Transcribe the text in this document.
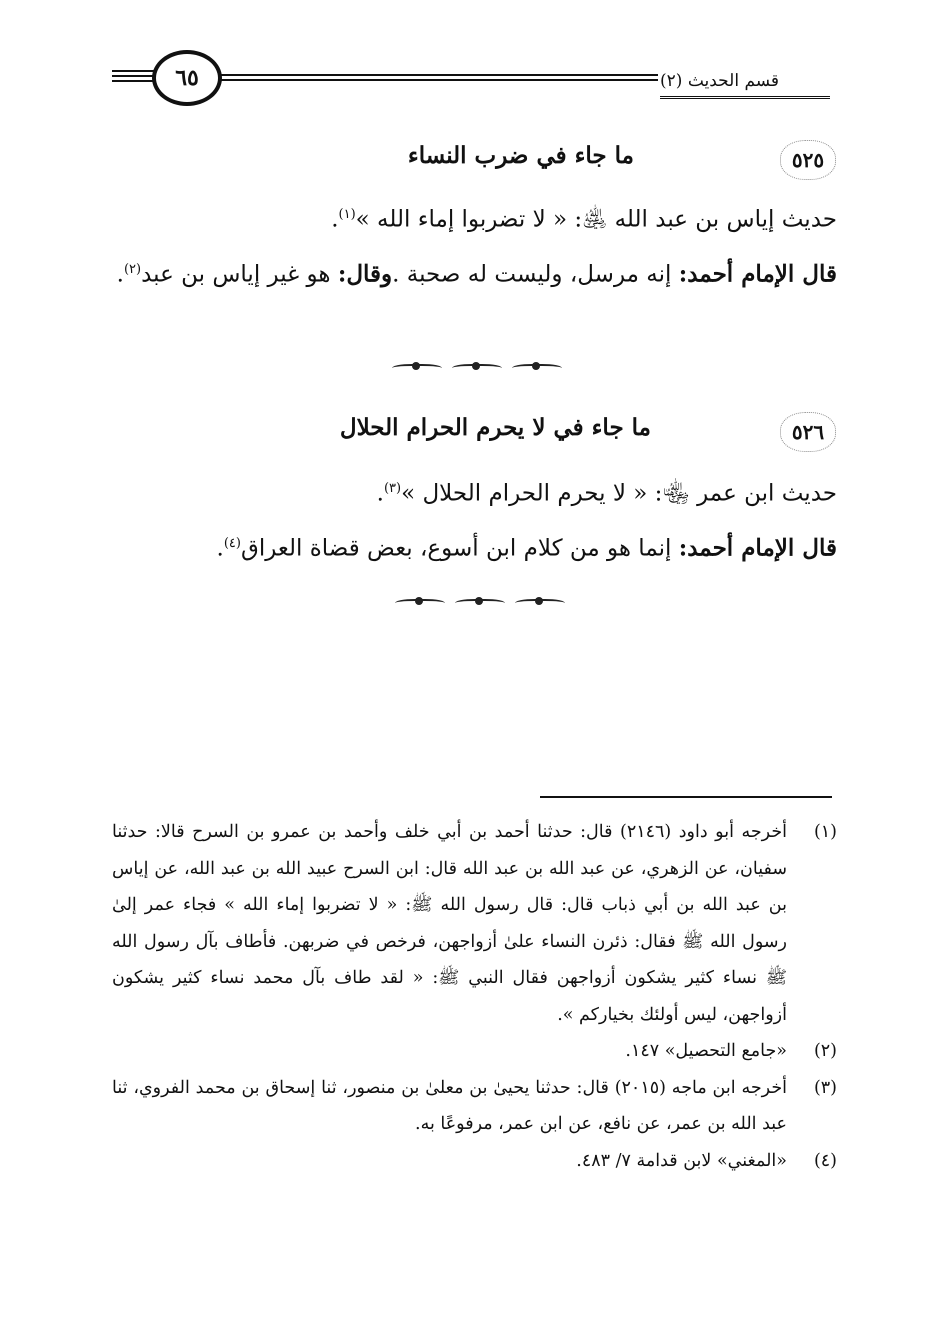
٦٥	قسم الحديث (٢)
٥٢٥
ما جاء في ضرب النساء
حديث إياس بن عبد الله ﵁: « لا تضربوا إماء الله »$^{(١)}$.
قال الإمام أحمد: إنه مرسل، وليست له صحبة .وقال: هو غير إياس بن عبد$^{(٢)}$.
٥٢٦
ما جاء في لا يحرم الحرام الحلال
حديث ابن عمر ﵄: « لا يحرم الحرام الحلال »$^{(٣)}$.
قال الإمام أحمد: إنما هو من كلام ابن أسوع، بعض قضاة العراق$^{(٤)}$.
(١)
أخرجه أبو داود (٢١٤٦) قال: حدثنا أحمد بن أبي خلف وأحمد بن عمرو بن السرح قالا: حدثنا سفيان، عن الزهري، عن عبد الله بن عبد الله قال: ابن السرح عبيد الله بن عبد الله، عن إياس بن عبد الله بن أبي ذباب قال: قال رسول الله ﷺ: « لا تضربوا إماء الله » فجاء عمر إلىٰ رسول الله ﷺ فقال: ذئرن النساء علىٰ أزواجهن، فرخص في ضربهن. فأطاف بآل رسول الله ﷺ نساء كثير يشكون أزواجهن فقال النبي ﷺ: « لقد طاف بآل محمد نساء كثير يشكون أزواجهن، ليس أولئك بخياركم ».
(٢)
«جامع التحصيل» ١٤٧.
(٣)
أخرجه ابن ماجه (٢٠١٥) قال: حدثنا يحيىٰ بن معلىٰ بن منصور، ثنا إسحاق بن محمد الفروي، ثنا عبد الله بن عمر، عن نافع، عن ابن عمر، مرفوعًا به.
(٤)
«المغني» لابن قدامة ٧/ ٤٨٣.
